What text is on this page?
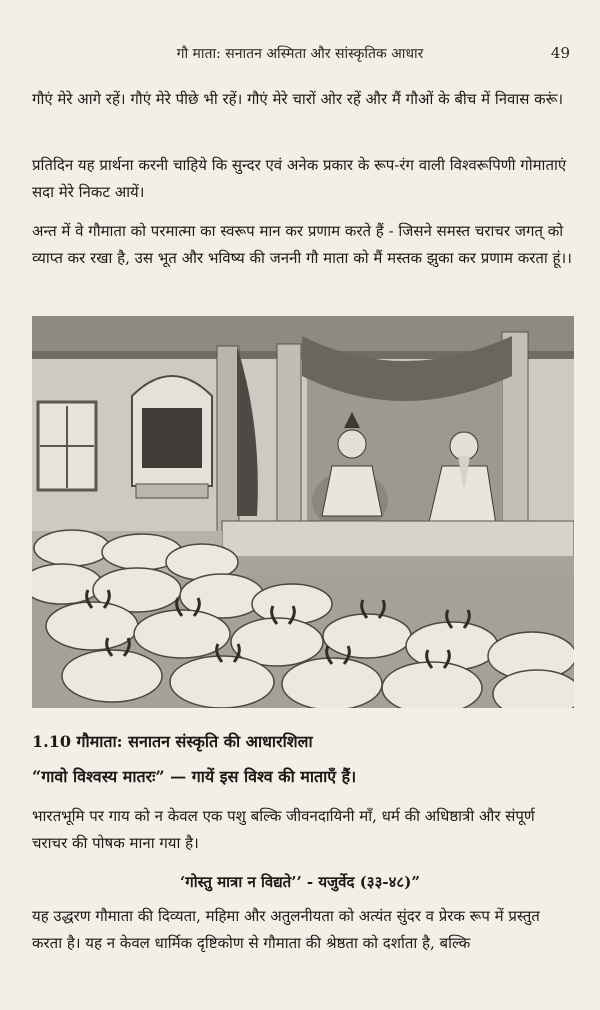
गौ माता: सनातन अस्मिता और सांस्कृतिक आधार	49

गौएं मेरे आगे रहें। गौएं मेरे पीछे भी रहें। गौएं मेरे चारों ओर रहें और मैं गौओं के बीच में निवास करूं।

प्रतिदिन यह प्रार्थना करनी चाहिये कि सुन्दर एवं अनेक प्रकार के रूप-रंग वाली विश्वरूपिणी गोमाताएं सदा मेरे निकट आयें।

अन्त में वे गौमाता को परमात्मा का स्वरूप मान कर प्रणाम करते हैं - जिसने समस्त चराचर जगत् को व्याप्त कर रखा है, उस भूत और भविष्य की जननी गौ माता को मैं मस्तक झुका कर प्रणाम करता हूं।।

1.10 गौमाता: सनातन संस्कृति की आधारशिला

“गावो विश्वस्य मातरः” — गायें इस विश्व की माताएँ हैं।

भारतभूमि पर गाय को न केवल एक पशु बल्कि जीवनदायिनी माँ, धर्म की अधिष्ठात्री और संपूर्ण चराचर की पोषक माना गया है।

‘गोस्तु मात्रा न विद्यते’’ - यजुर्वेद (३३-४८)”

यह उद्धरण गौमाता की दिव्यता, महिमा और अतुलनीयता को अत्यंत सुंदर व प्रेरक रूप में प्रस्तुत करता है। यह न केवल धार्मिक दृष्टिकोण से गौमाता की श्रेष्ठता को दर्शाता है, बल्कि
